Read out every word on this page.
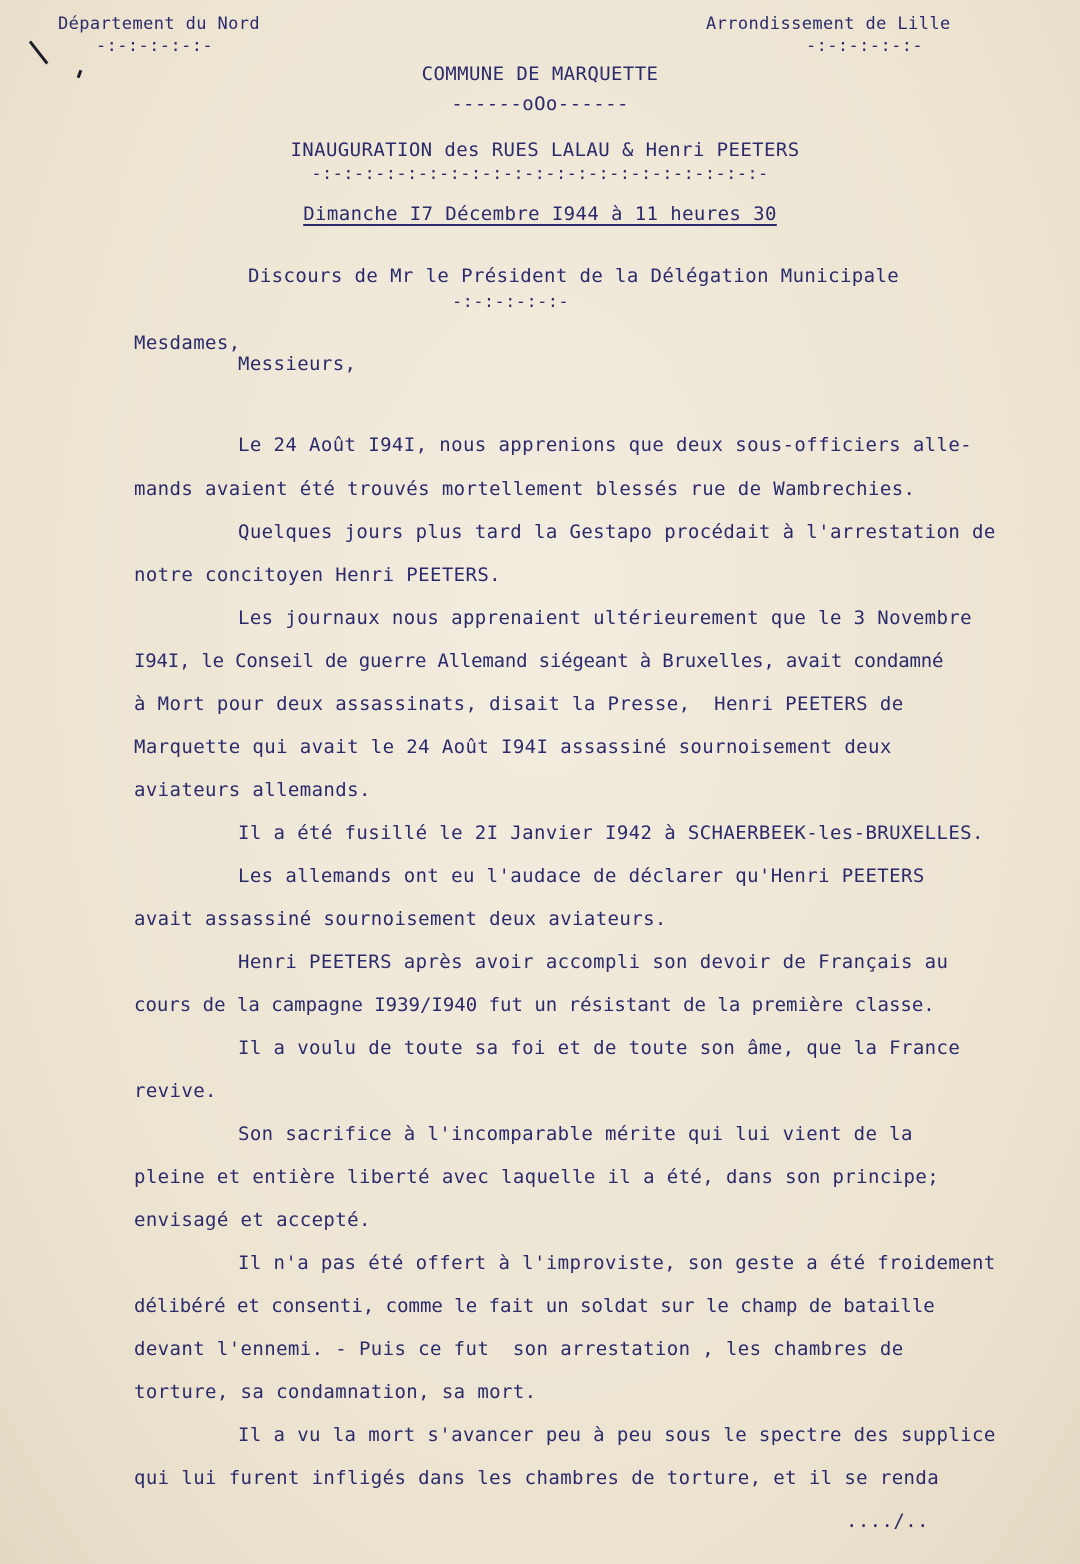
Département du Nord
-:-:-:-:-:-
Arrondissement de Lille
-:-:-:-:-:-
COMMUNE DE MARQUETTE
------oOo------
INAUGURATION des RUES LALAU & Henri PEETERS
-:-:-:-:-:-:-:-:-:-:-:-:-:-:-:-:-:-:-:-:-:-
Dimanche I7 Décembre I944 à 11 heures 30
Discours de Mr le Président de la Délégation Municipale
-:-:-:-:-:-
Mesdames,
Messieurs,
Le 24 Août I94I, nous apprenions que deux sous-officiers alle-
mands avaient été trouvés mortellement blessés rue de Wambrechies.
Quelques jours plus tard la Gestapo procédait à l'arrestation de
notre concitoyen Henri PEETERS.
Les journaux nous apprenaient ultérieurement que le 3 Novembre
I94I, le Conseil de guerre Allemand siégeant à Bruxelles, avait condamné
à Mort pour deux assassinats, disait la Presse,  Henri PEETERS de
Marquette qui avait le 24 Août I94I assassiné sournoisement deux
aviateurs allemands.
Il a été fusillé le 2I Janvier I942 à SCHAERBEEK-les-BRUXELLES.
Les allemands ont eu l'audace de déclarer qu'Henri PEETERS
avait assassiné sournoisement deux aviateurs.
Henri PEETERS après avoir accompli son devoir de Français au
cours de la campagne I939/I940 fut un résistant de la première classe.
Il a voulu de toute sa foi et de toute son âme, que la France
revive.
Son sacrifice à l'incomparable mérite qui lui vient de la
pleine et entière liberté avec laquelle il a été, dans son principe;
envisagé et accepté.
Il n'a pas été offert à l'improviste, son geste a été froidement
délibéré et consenti, comme le fait un soldat sur le champ de bataille
devant l'ennemi. - Puis ce fut  son arrestation , les chambres de
torture, sa condamnation, sa mort.
Il a vu la mort s'avancer peu à peu sous le spectre des supplice
qui lui furent infligés dans les chambres de torture, et il se renda
..../..
